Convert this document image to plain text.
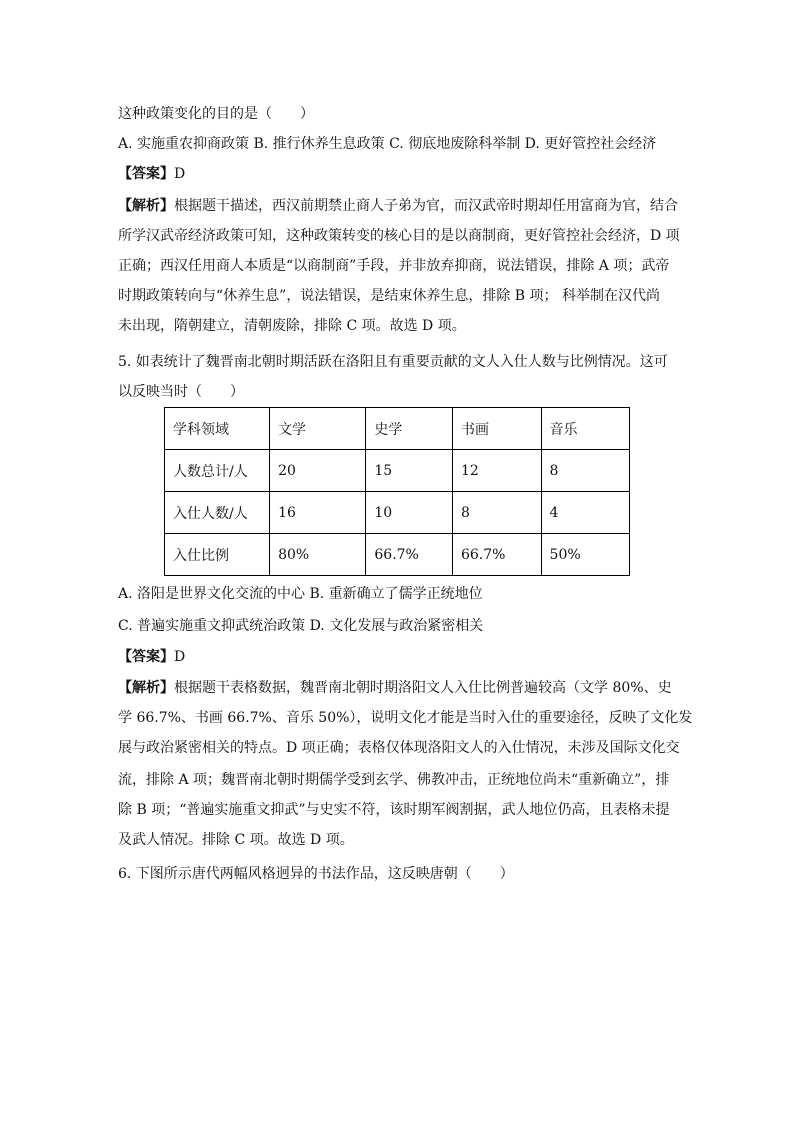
这种政策变化的目的是（　　）
A. 实施重农抑商政策 B. 推行休养生息政策 C. 彻底地废除科举制 D. 更好管控社会经济
【答案】D
【解析】根据题干描述，西汉前期禁止商人子弟为官，而汉武帝时期却任用富商为官，结合
所学汉武帝经济政策可知，这种政策转变的核心目的是以商制商，更好管控社会经济，D 项
正确；西汉任用商人本质是“以商制商”手段，并非放弃抑商，说法错误，排除 A 项；武帝
时期政策转向与“休养生息”，说法错误，是结束休养生息，排除 B 项； 科举制在汉代尚
未出现，隋朝建立，清朝废除，排除 C 项。故选 D 项。
5. 如表统计了魏晋南北朝时期活跃在洛阳且有重要贡献的文人入仕人数与比例情况。这可
以反映当时（　　）
学科领域	文学	史学	书画	音乐
人数总计/人	20	15	12	8
入仕人数/人	16	10	8	4
入仕比例	80%	66.7%	66.7%	50%
A. 洛阳是世界文化交流的中心 B. 重新确立了儒学正统地位
C. 普遍实施重文抑武统治政策 D. 文化发展与政治紧密相关
【答案】D
【解析】根据题干表格数据，魏晋南北朝时期洛阳文人入仕比例普遍较高（文学 80%、史
学 66.7%、书画 66.7%、音乐 50%），说明文化才能是当时入仕的重要途径，反映了文化发
展与政治紧密相关的特点。D 项正确；表格仅体现洛阳文人的入仕情况，未涉及国际文化交
流，排除 A 项；魏晋南北朝时期儒学受到玄学、佛教冲击，正统地位尚未“重新确立”，排
除 B 项；“普遍实施重文抑武”与史实不符，该时期军阀割据，武人地位仍高，且表格未提
及武人情况。排除 C 项。故选 D 项。
6. 下图所示唐代两幅风格迥异的书法作品，这反映唐朝（　　）
